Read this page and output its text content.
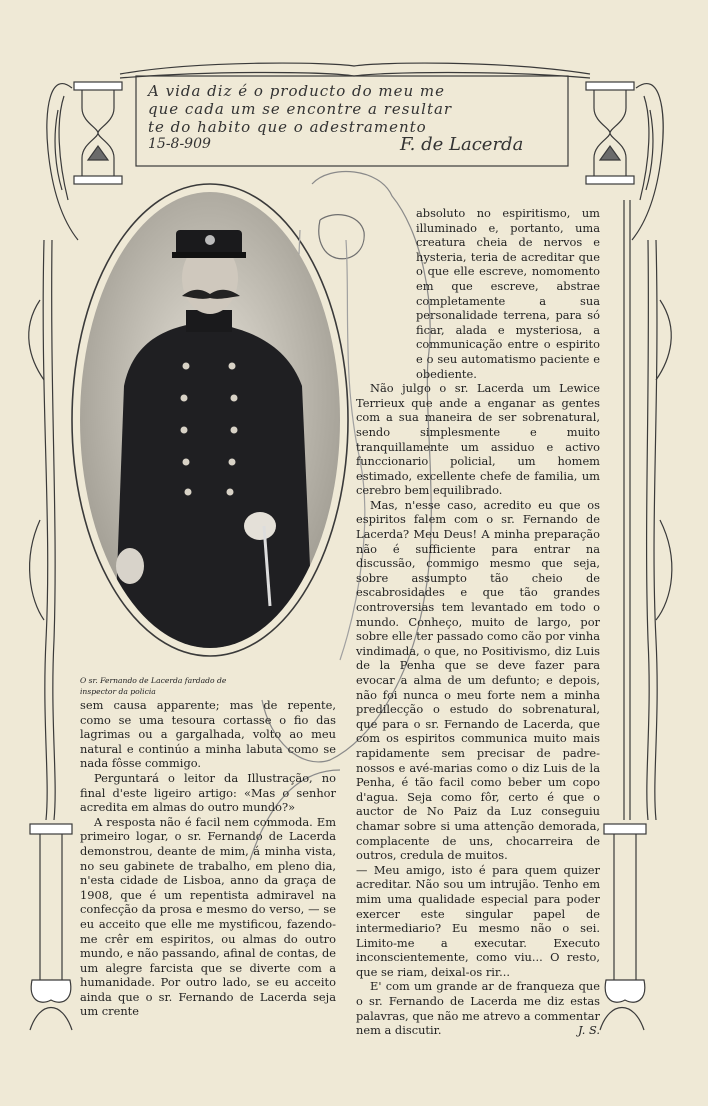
A vida diz é o producto do meu me
que cada um se encontre a resultar
te do habito que o adestramento
15-8-909	F. de Lacerda
O sr. Fernando de Lacerda fardado de inspector da policia

sem causa apparente; mas de repente, como se uma tesoura cortasse o fio das lagrimas ou a gargalhada, volto ao meu natural e continúo a minha labuta como se nada fôsse commigo.

Perguntará o leitor da Illustração, no final d'este ligeiro artigo: «Mas o senhor acredita em almas do outro mundo?»

A resposta não é facil nem commoda. Em primeiro logar, o sr. Fernando de Lacerda demonstrou, deante de mim, á minha vista, no seu gabinete de trabalho, em pleno dia, n'esta cidade de Lisboa, anno da graça de 1908, que é um repentista admiravel na confecção da prosa e mesmo do verso, — se eu acceito que elle me mystificou, fazendo-me crêr em espiritos, ou almas do outro mundo, e não passando, afinal de contas, de um alegre farcista que se diverte com a humanidade. Por outro lado, se eu acceito ainda que o sr. Fernando de Lacerda seja um crente

absoluto no espiritismo, um illuminado e, portanto, uma creatura cheia de nervos e hysteria, teria de acreditar que o que elle escreve, nomomento em que escreve, abstrae completamente a sua personalidade terrena, para só ficar, alada e mysteriosa, a communicação entre o espirito e o seu automatismo paciente e obediente.

Não julgo o sr. Lacerda um Lewice Terrieux que ande a enganar as gentes com a sua maneira de ser sobrenatural, sendo simplesmente e muito tranquillamente um assiduo e activo funccionario policial, um homem estimado, excellente chefe de familia, um cerebro bem equilibrado.

Mas, n'esse caso, acredito eu que os espiritos falem com o sr. Fernando de Lacerda? Meu Deus! A minha preparação não é sufficiente para entrar na discussão, commigo mesmo que seja, sobre assumpto tão cheio de escabrosidades e que tão grandes controversias tem levantado em todo o mundo. Conheço, muito de largo, por sobre elle ter passado como cão por vinha vindimada, o que, no Positivismo, diz Luis de la Penha que se deve fazer para evocar a alma de um defunto; e depois, não foi nunca o meu forte nem a minha predilecção o estudo do sobrenatural, que para o sr. Fernando de Lacerda, que com os espiritos communica muito mais rapidamente sem precisar de padre-nossos e avé-marias como o diz Luis de la Penha, é tão facil como beber um copo d'agua. Seja como fôr, certo é que o auctor de No Paiz da Luz conseguiu chamar sobre si uma attenção demorada, complacente de uns, chocarreira de outros, credula de muitos.

— Meu amigo, isto é para quem quizer acreditar. Não sou um intrujão. Tenho em mim uma qualidade especial para poder exercer este singular papel de intermediario? Eu mesmo não o sei. Limito-me a executar. Executo inconscientemente, como viu... O resto, que se riam, deixal-os rir...

E' com um grande ar de franqueza que o sr. Fernando de Lacerda me diz estas palavras, que não me atrevo a commentar nem a discutir.	J. S.
